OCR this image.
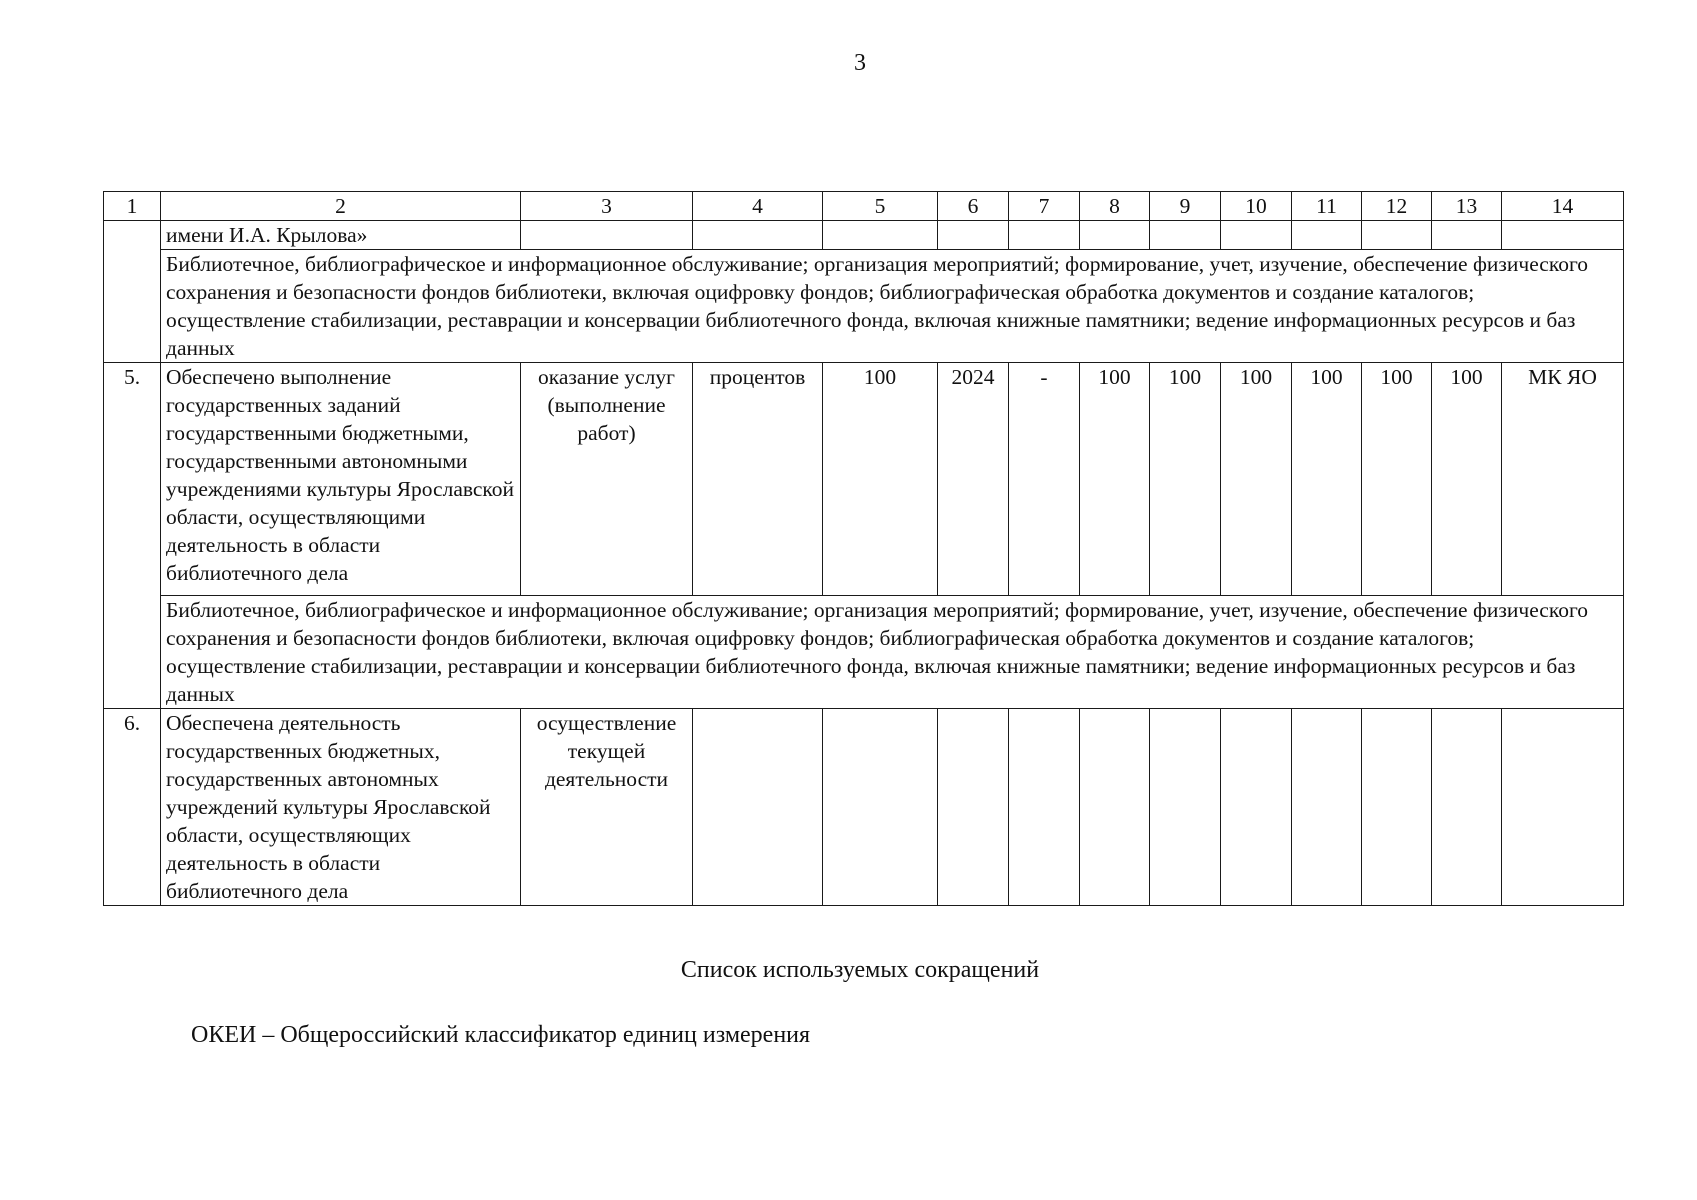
3
1	2	3	4	5	6	7	8	9	10	11	12	13	14
	имени И.А. Крылова»												
	Библиотечное, библиографическое и информационное обслуживание; организация мероприятий; формирование, учет, изучение, обеспечение физического сохранения и безопасности фондов библиотеки, включая оцифровку фондов; библиографическая обработка документов и создание каталогов; осуществление стабилизации, реставрации и консервации библиотечного фонда, включая книжные памятники; ведение информационных ресурсов и баз данных												
5.	Обеспечено выполнение государственных заданий государственными бюджетными, государственными автономными учреждениями культуры Ярославской области, осуществляющими деятельность в области библиотечного дела	оказание услуг (выполнение работ)	процентов	100	2024	-	100	100	100	100	100	100	МК ЯО
	Библиотечное, библиографическое и информационное обслуживание; организация мероприятий; формирование, учет, изучение, обеспечение физического сохранения и безопасности фондов библиотеки, включая оцифровку фондов; библиографическая обработка документов и создание каталогов; осуществление стабилизации, реставрации и консервации библиотечного фонда, включая книжные памятники; ведение информационных ресурсов и баз данных												
6.	Обеспечена деятельность государственных бюджетных, государственных автономных учреждений культуры Ярославской области, осуществляющих деятельность в области библиотечного дела	осуществление текущей деятельности											
Список используемых сокращений
ОКЕИ – Общероссийский классификатор единиц измерения
